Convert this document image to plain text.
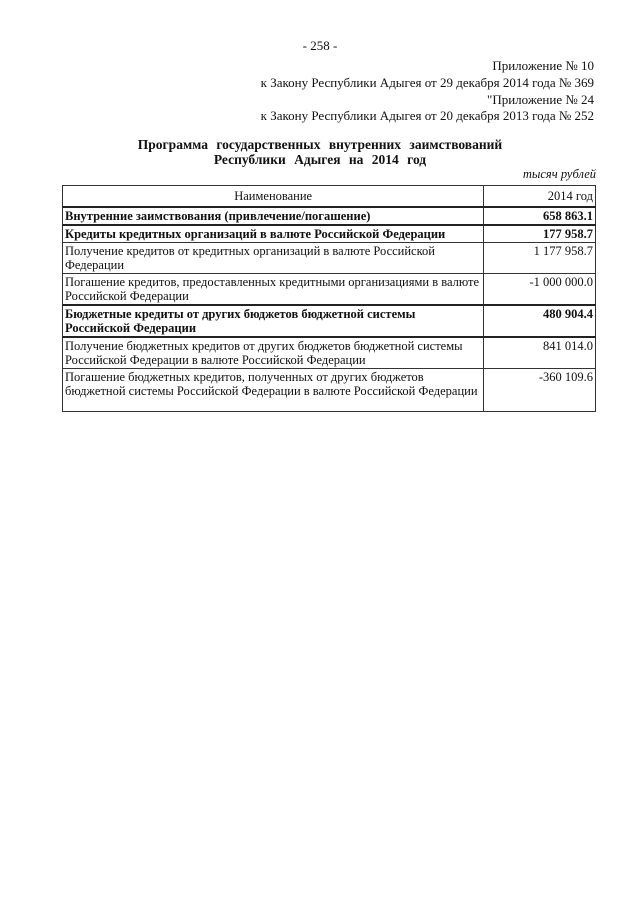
- 258 -
Приложение № 10
к Закону Республики Адыгея от 29 декабря 2014 года № 369
"Приложение № 24
к Закону Республики Адыгея от 20 декабря 2013 года № 252
Программа государственных внутренних заимствований
Республики Адыгея на 2014 год
тысяч рублей
Наименование	2014 год
Внутренние заимствования (привлечение/погашение)	658 863.1
Кредиты кредитных организаций в валюте Российской Федерации	177 958.7
Получение кредитов от кредитных организаций в валюте Российской Федерации	1 177 958.7
Погашение кредитов, предоставленных кредитными организациями в валюте Российской Федерации	-1 000 000.0
Бюджетные кредиты от других бюджетов бюджетной системы Российской Федерации	480 904.4
Получение бюджетных кредитов от других бюджетов бюджетной системы Российской Федерации в валюте Российской Федерации	841 014.0
Погашение бюджетных кредитов, полученных от других бюджетов бюджетной системы Российской Федерации в валюте Российской Федерации	-360 109.6
